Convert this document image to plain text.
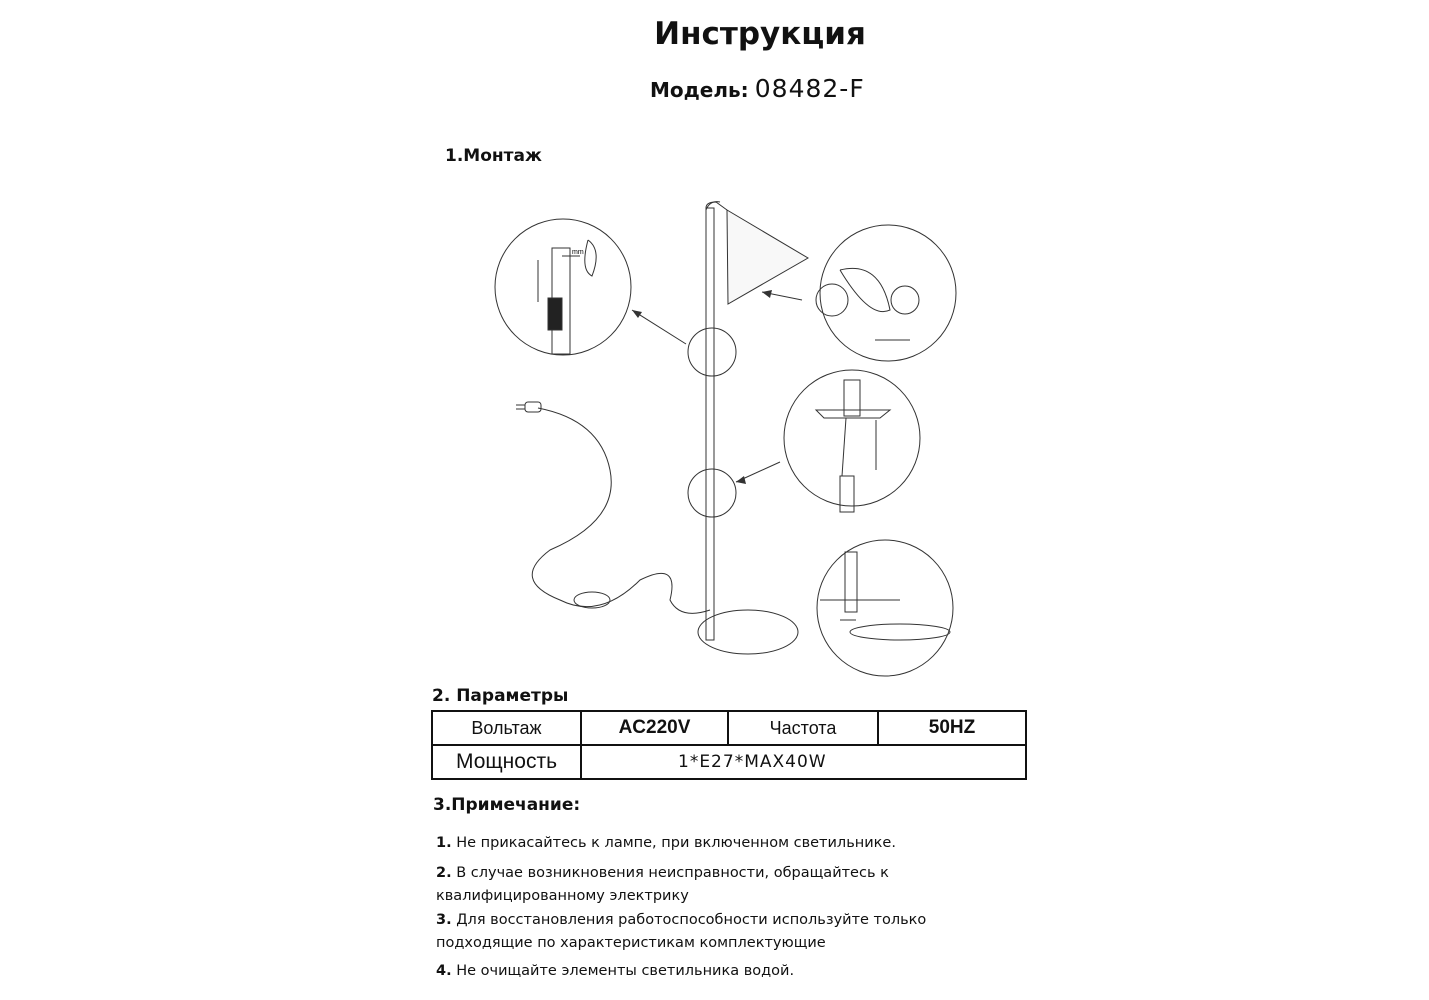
Инструкция
Модель: 08482-F
1.Монтаж
mm
2. Параметры
Вольтаж	AC220V	Частота	50HZ
Мощность	1*E27*MAX40W		
3.Примечание:
1. Не прикасайтесь к лампе, при включенном светильнике.
2. В случае возникновения неисправности, обращайтесь к квалифицированному электрику
3. Для восстановления работоспособности используйте только подходящие по характеристикам комплектующие
4. Не очищайте элементы светильника водой.
